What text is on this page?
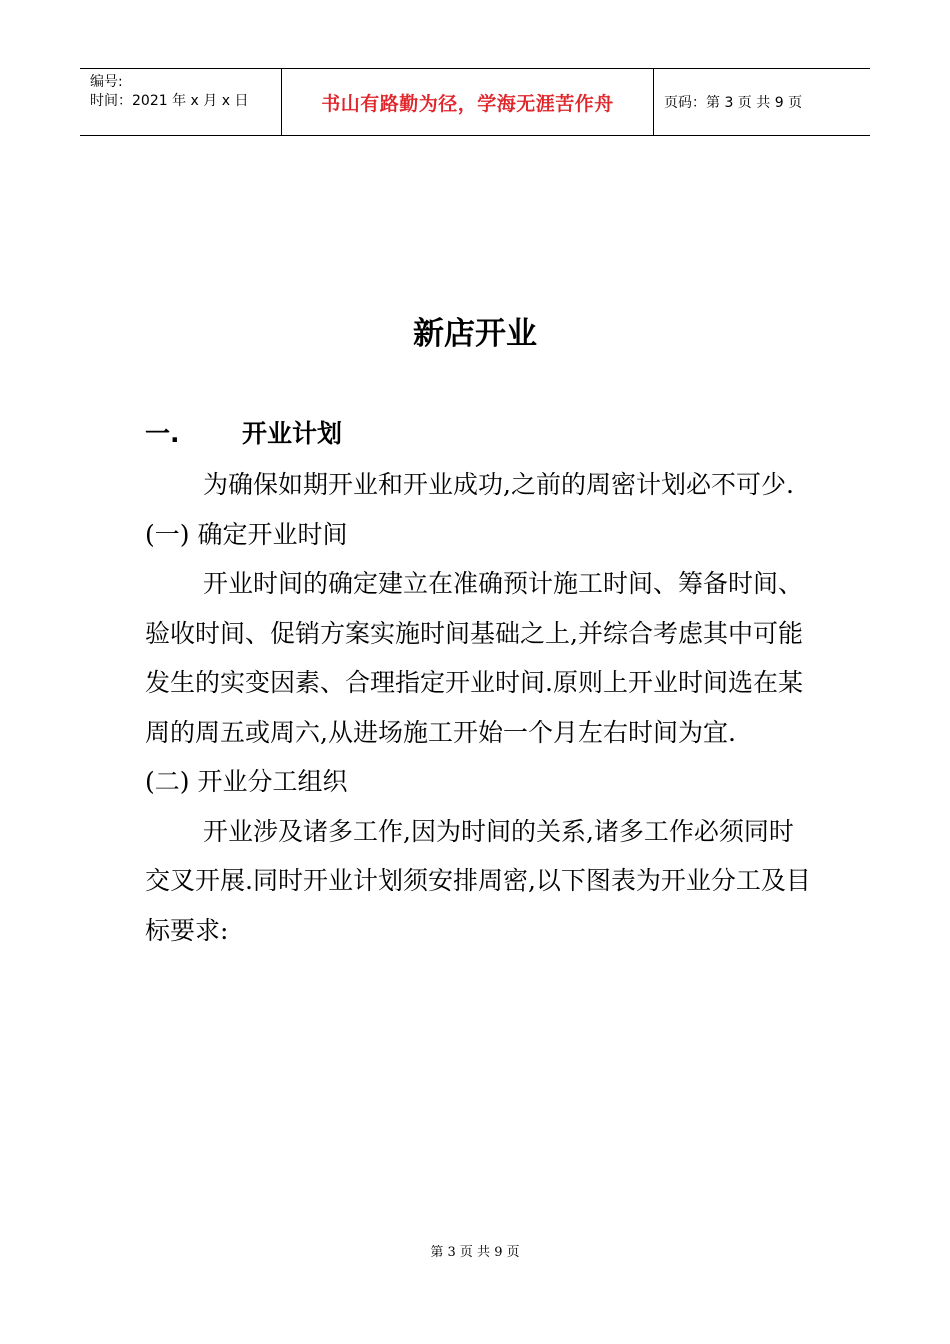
编号:
时间：2021 年 x 月 x 日	书山有路勤为径，学海无涯苦作舟	页码：第 3 页 共 9 页
新店开业
一.	开业计划

为确保如期开业和开业成功,之前的周密计划必不可少.

(一) 确定开业时间

开业时间的确定建立在准确预计施工时间、筹备时间、验收时间、促销方案实施时间基础之上,并综合考虑其中可能发生的实变因素、合理指定开业时间.原则上开业时间选在某周的周五或周六,从进场施工开始一个月左右时间为宜.

(二) 开业分工组织

开业涉及诸多工作,因为时间的关系,诸多工作必须同时交叉开展.同时开业计划须安排周密,以下图表为开业分工及目标要求:

第 3 页 共 9 页
